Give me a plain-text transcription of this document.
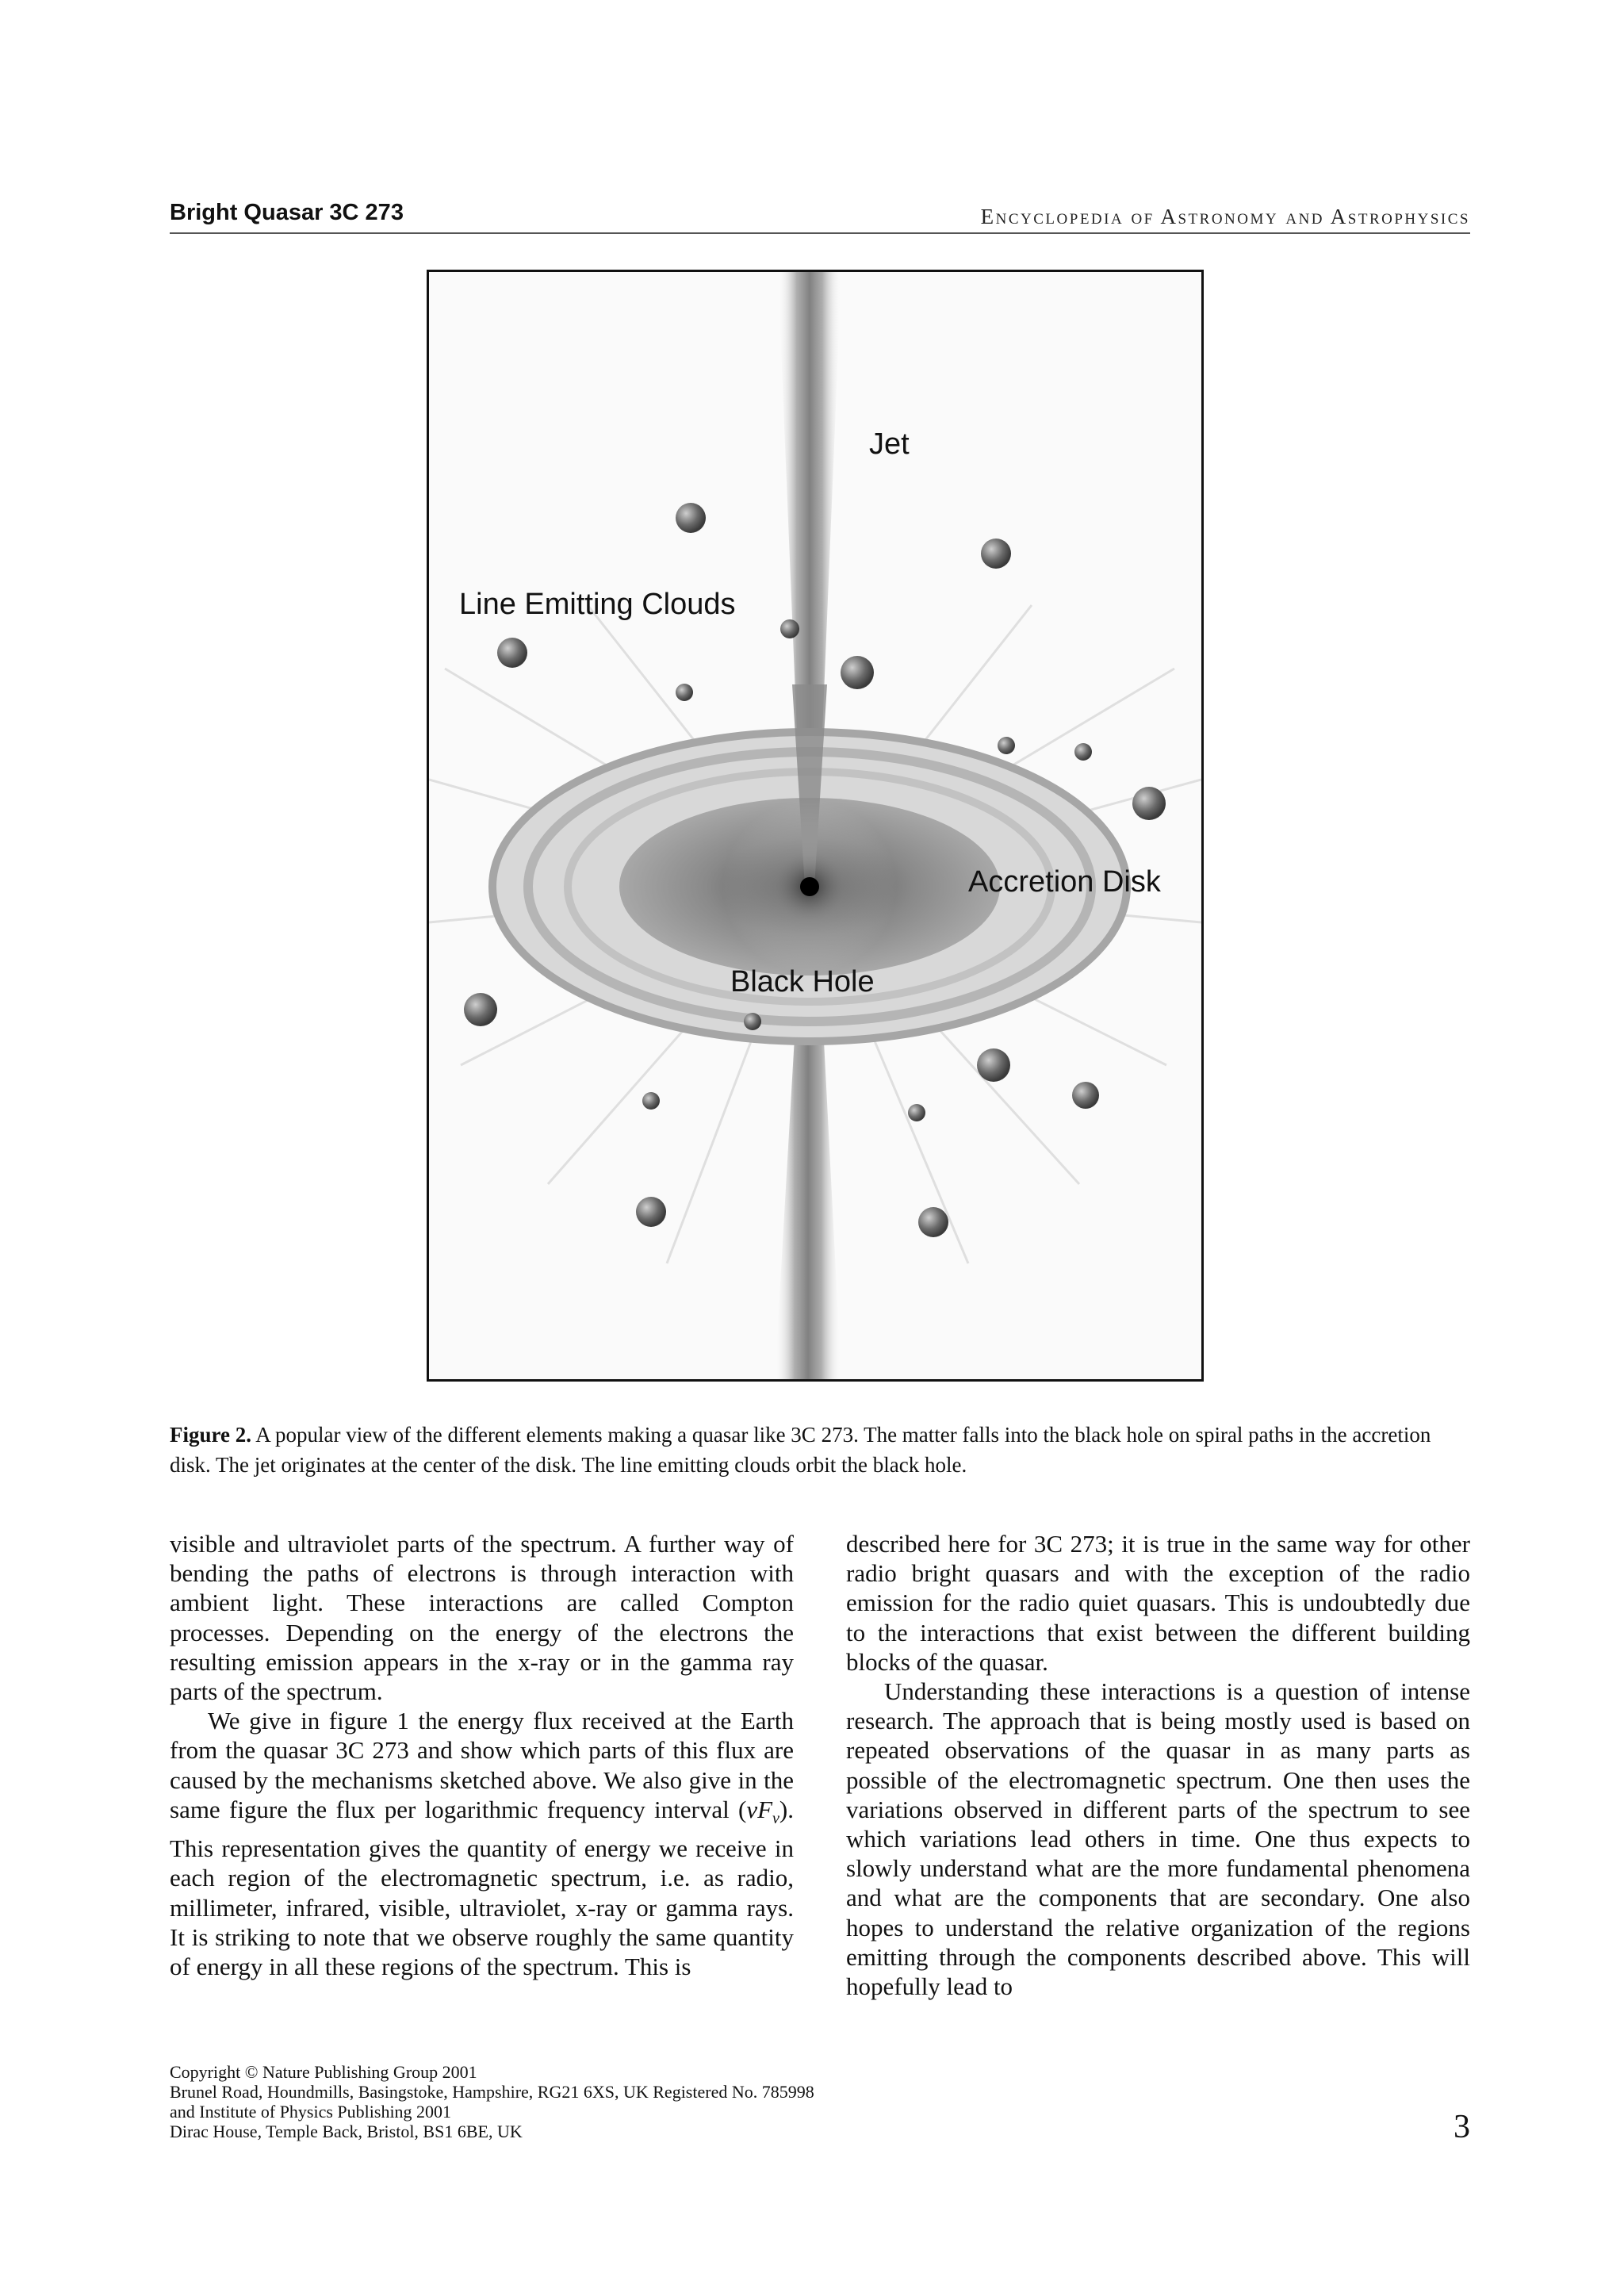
Bright Quasar 3C 273	Encyclopedia of Astronomy and Astrophysics
Jet
Line Emitting Clouds
Accretion Disk
Black Hole
Figure 2. A popular view of the different elements making a quasar like 3C 273. The matter falls into the black hole on spiral paths in the accretion disk. The jet originates at the center of the disk. The line emitting clouds orbit the black hole.

visible and ultraviolet parts of the spectrum. A further way of bending the paths of electrons is through interaction with ambient light. These interactions are called Compton processes. Depending on the energy of the electrons the resulting emission appears in the x-ray or in the gamma ray parts of the spectrum.

We give in figure 1 the energy flux received at the Earth from the quasar 3C 273 and show which parts of this flux are caused by the mechanisms sketched above. We also give in the same figure the flux per logarithmic frequency interval $(\nu F_\nu)$. This representation gives the quantity of energy we receive in each region of the electromagnetic spectrum, i.e. as radio, millimeter, infrared, visible, ultraviolet, x-ray or gamma rays. It is striking to note that we observe roughly the same quantity of energy in all these regions of the spectrum. This is

described here for 3C 273; it is true in the same way for other radio bright quasars and with the exception of the radio emission for the radio quiet quasars. This is undoubtedly due to the interactions that exist between the different building blocks of the quasar.

Understanding these interactions is a question of intense research. The approach that is being mostly used is based on repeated observations of the quasar in as many parts as possible of the electromagnetic spectrum. One then uses the variations observed in different parts of the spectrum to see which variations lead others in time. One thus expects to slowly understand what are the more fundamental phenomena and what are the components that are secondary. One also hopes to understand the relative organization of the regions emitting through the components described above. This will hopefully lead to

Copyright © Nature Publishing Group 2001
Brunel Road, Houndmills, Basingstoke, Hampshire, RG21 6XS, UK Registered No. 785998
and Institute of Physics Publishing 2001
Dirac House, Temple Back, Bristol, BS1 6BE, UK	3
